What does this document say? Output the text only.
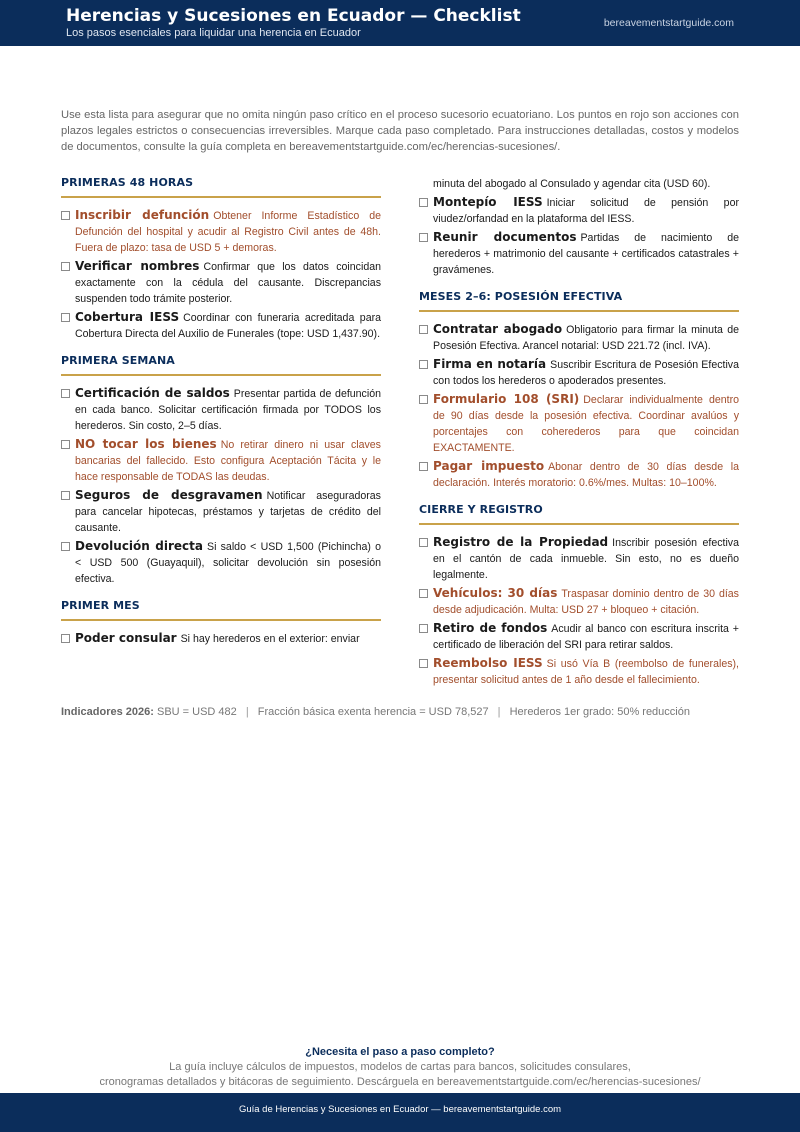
Herencias y Sucesiones en Ecuador — Checklist
Los pasos esenciales para liquidar una herencia en Ecuador
bereavementstartguide.com
Use esta lista para asegurar que no omita ningún paso crítico en el proceso sucesorio ecuatoriano. Los puntos en rojo son acciones con plazos legales estrictos o consecuencias irreversibles. Marque cada paso completado. Para instrucciones detalladas, costos y modelos de documentos, consulte la guía completa en bereavementstartguide.com/ec/herencias-sucesiones/.
PRIMERAS 48 HORAS
Inscribir defunción Obtener Informe Estadístico de Defunción del hospital y acudir al Registro Civil antes de 48h. Fuera de plazo: tasa de USD 5 + demoras.
Verificar nombres Confirmar que los datos coincidan exactamente con la cédula del causante. Discrepancias suspenden todo trámite posterior.
Cobertura IESS Coordinar con funeraria acreditada para Cobertura Directa del Auxilio de Funerales (tope: USD 1,437.90).
PRIMERA SEMANA
Certificación de saldos Presentar partida de defunción en cada banco. Solicitar certificación firmada por TODOS los herederos. Sin costo, 2–5 días.
NO tocar los bienes No retirar dinero ni usar claves bancarias del fallecido. Esto configura Aceptación Tácita y le hace responsable de TODAS las deudas.
Seguros de desgravamen Notificar aseguradoras para cancelar hipotecas, préstamos y tarjetas de crédito del causante.
Devolución directa Si saldo < USD 1,500 (Pichincha) o < USD 500 (Guayaquil), solicitar devolución sin posesión efectiva.
PRIMER MES
Poder consular Si hay herederos en el exterior: enviar
minuta del abogado al Consulado y agendar cita (USD 60).
Montepío IESS Iniciar solicitud de pensión por viudez/orfandad en la plataforma del IESS.
Reunir documentos Partidas de nacimiento de herederos + matrimonio del causante + certificados catastrales + gravámenes.
MESES 2–6: POSESIÓN EFECTIVA
Contratar abogado Obligatorio para firmar la minuta de Posesión Efectiva. Arancel notarial: USD 221.72 (incl. IVA).
Firma en notaría Suscribir Escritura de Posesión Efectiva con todos los herederos o apoderados presentes.
Formulario 108 (SRI) Declarar individualmente dentro de 90 días desde la posesión efectiva. Coordinar avalúos y porcentajes con coherederos para que coincidan EXACTAMENTE.
Pagar impuesto Abonar dentro de 30 días desde la declaración. Interés moratorio: 0.6%/mes. Multas: 10–100%.
CIERRE Y REGISTRO
Registro de la Propiedad Inscribir posesión efectiva en el cantón de cada inmueble. Sin esto, no es dueño legalmente.
Vehículos: 30 días Traspasar dominio dentro de 30 días desde adjudicación. Multa: USD 27 + bloqueo + citación.
Retiro de fondos Acudir al banco con escritura inscrita + certificado de liberación del SRI para retirar saldos.
Reembolso IESS Si usó Vía B (reembolso de funerales), presentar solicitud antes de 1 año desde el fallecimiento.
Indicadores 2026: SBU = USD 482 | Fracción básica exenta herencia = USD 78,527 | Herederos 1er grado: 50% reducción
¿Necesita el paso a paso completo?
La guía incluye cálculos de impuestos, modelos de cartas para bancos, solicitudes consulares,
cronogramas detallados y bitácoras de seguimiento. Descárguela en bereavementstartguide.com/ec/herencias-sucesiones/
Guía de Herencias y Sucesiones en Ecuador — bereavementstartguide.com
